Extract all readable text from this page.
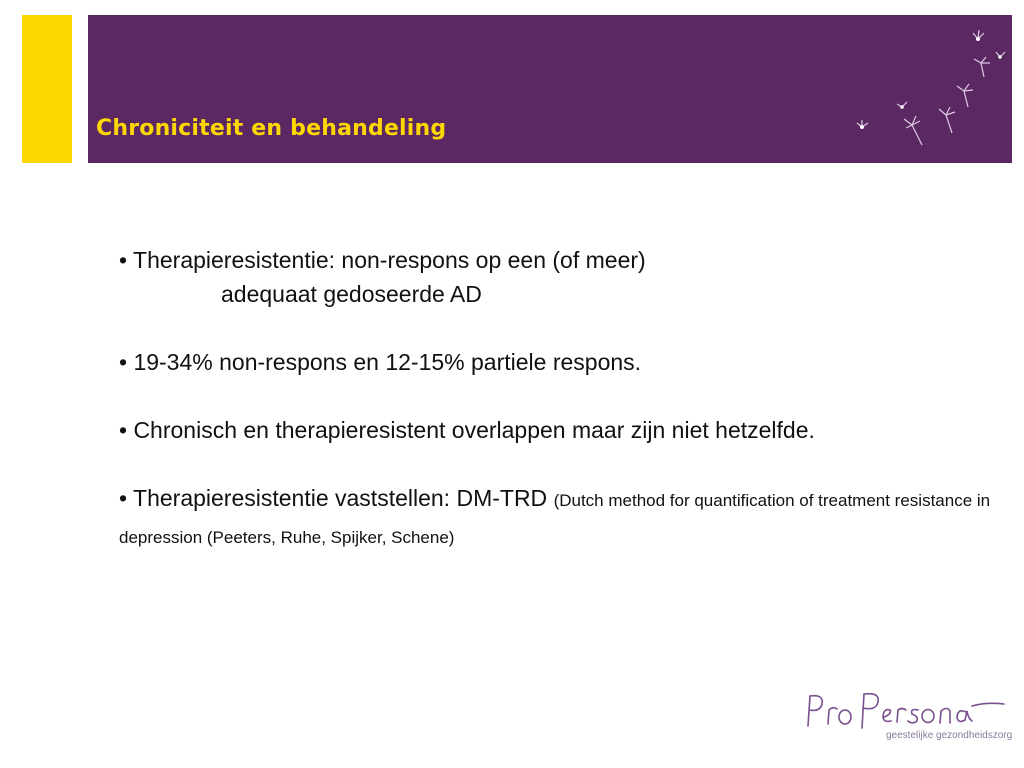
Chroniciteit en behandeling
• Therapieresistentie: non-respons op een (of meer)
adequaat gedoseerde AD
• 19-34% non-respons en 12-15% partiele respons.
• Chronisch en therapieresistent overlappen maar zijn niet hetzelfde.
• Therapieresistentie vaststellen: DM-TRD (Dutch method for quantification of treatment resistance in depression (Peeters, Ruhe, Spijker, Schene)
geestelijke gezondheidszorg
